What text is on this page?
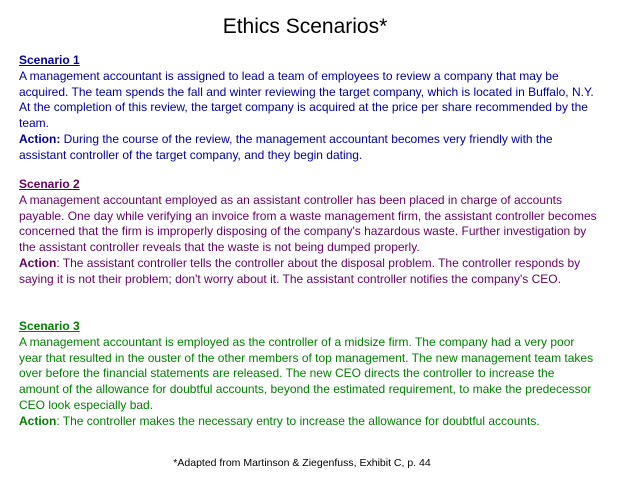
Ethics Scenarios*

Scenario 1

A management accountant is assigned to lead a team of employees to review a company that may be acquired. The team spends the fall and winter reviewing the target company, which is located in Buffalo, N.Y. At the completion of this review, the target company is acquired at the price per share recommended by the team.

Action: During the course of the review, the management accountant becomes very friendly with the assistant controller of the target company, and they begin dating.

Scenario 2

A management accountant employed as an assistant controller has been placed in charge of accounts payable. One day while verifying an invoice from a waste management firm, the assistant controller becomes concerned that the firm is improperly disposing of the company's hazardous waste. Further investigation by the assistant controller reveals that the waste is not being dumped properly.

Action: The assistant controller tells the controller about the disposal problem. The controller responds by saying it is not their problem; don't worry about it. The assistant controller notifies the company's CEO.

Scenario 3

A management accountant is employed as the controller of a midsize firm. The company had a very poor year that resulted in the ouster of the other members of top management. The new management team takes over before the financial statements are released. The new CEO directs the controller to increase the amount of the allowance for doubtful accounts, beyond the estimated requirement, to make the predecessor CEO look especially bad.

Action: The controller makes the necessary entry to increase the allowance for doubtful accounts.

*Adapted from Martinson & Ziegenfuss, Exhibit C, p. 44
